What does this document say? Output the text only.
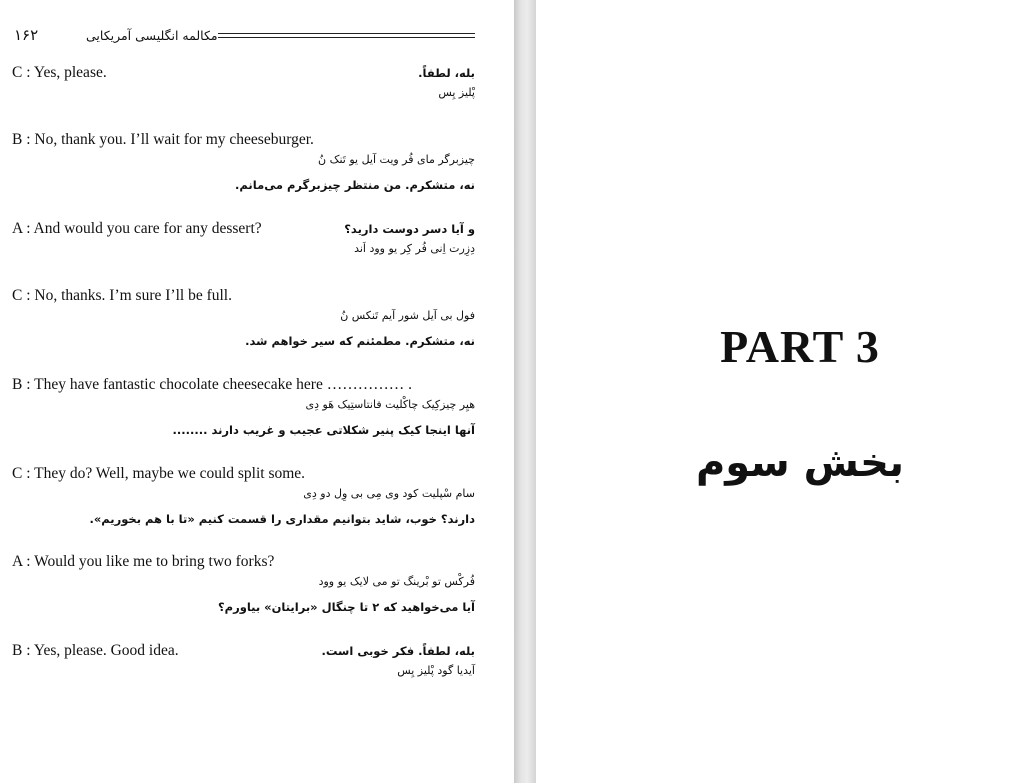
۱۶۲	مکالمه انگلیسی آمریکایی
C : Yes, please.	بله، لطفاً.
پْليز يِس
B : No, thank you. I’ll wait for my cheeseburger.
چیزبرگر مای فُر ویت آیل یو تَنک نُ
نه، متشکرم. من منتظر چیزبرگرم می‌مانم.
A : And would you care for any dessert?	و آیا دسر دوست دارید؟
دِزِرت اِنی فُر کِر یو وود اَند
C : No, thanks. I’m sure I’ll be full.
فول بی آیل شور آیم تَنکس نُ
نه، متشکرم. مطمئنم که سیر خواهم شد.
B : They have fantastic chocolate cheesecake here …………… .
هیِر چیزکِیک چاکْلیت فانتاستِیک هَو دِی
آنها اینجا کیک پنیر شکلاتی عجیب و غریب دارند ........
C : They do? Well, maybe we could split some.
سام سْپلیت کود وی مِی بی وِل دو دِی
دارند؟ خوب، شاید بتوانیم مقداری را قسمت کنیم «تا با هم بخوریم».
A : Would you like me to bring two forks?
فُرکْس تو بْرینگ تو می لایک یو وود
آیا می‌خواهید که ۲ تا چنگال «برایتان» بیاورم؟
B : Yes, please. Good idea.	بله، لطفاً. فکر خوبی است.
آیدیا گود پْلیز یِس
PART 3
بخش سوم
